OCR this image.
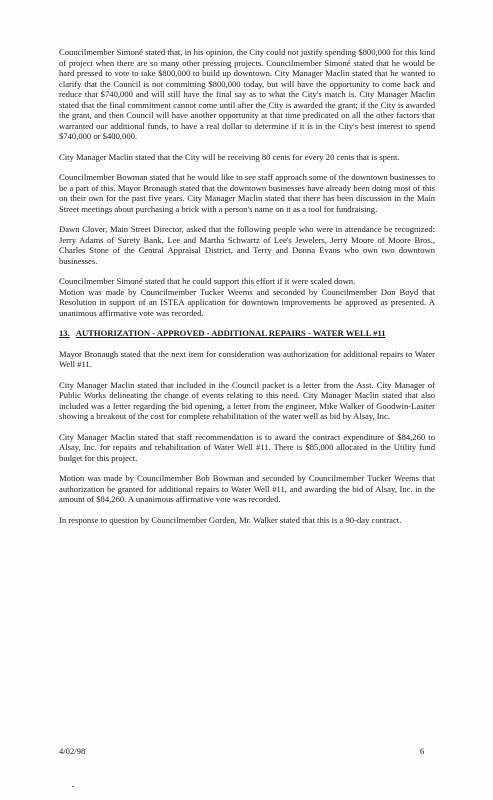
Councilmember Simoné stated that, in his opinion, the City could not justify spending $800,000 for this kind of project when there are so many other pressing projects. Councilmember Simoné stated that he would be hard pressed to vote to take $800,000 to build up downtown. City Manager Maclin stated that he wanted to clarify that the Council is not committing $800,000 today, but will have the opportunity to come back and reduce that $740,000 and will still have the final say as to what the City's match is. City Manager Maclin stated that the final commitment cannot come until after the City is awarded the grant; if the City is awarded the grant, and then Council will have another opportunity at that time predicated on all the other factors that warranted our additional funds, to have a real dollar to determine if it is in the City's best interest to spend $740,000 or $400,000.

City Manager Maclin stated that the City will be receiving 80 cents for every 20 cents that is spent.

Councilmember Bowman stated that he would like to see staff approach some of the downtown businesses to be a part of this. Mayor Bronaugh stated that the downtown businesses have already been doing most of this on their own for the past five years. City Manager Maclin stated that there has been discussion in the Main Street meetings about purchasing a brick with a person's name on it as a tool for fundraising.

Dawn Clover, Main Street Director, asked that the following people who were in attendance be recognized: Jerry Adams of Surety Bank, Lee and Martha Schwartz of Lee's Jewelers, Jerry Moore of Moore Bros., Charles Stone of the Central Appraisal District, and Terry and Donna Evans who own two downtown businesses.

Councilmember Simoné stated that he could support this effort if it were scaled down.

Motion was made by Councilmember Tucker Weems and seconded by Councilmember Don Boyd that Resolution in support of an ISTEA application for downtown improvements be approved as presented. A unanimous affirmative vote was recorded.

13. AUTHORIZATION - APPROVED - ADDITIONAL REPAIRS - WATER WELL #11

Mayor Bronaugh stated that the next item for consideration was authorization for additional repairs to Water Well #11.

City Manager Maclin stated that included in the Council packet is a letter from the Asst. City Manager of Public Works delineating the change of events relating to this need. City Manager Maclin stated that also included was a letter regarding the bid opening, a letter from the engineer, Mike Walker of Goodwin-Lasiter showing a breakout of the cost for complete rehabilitation of the water well as bid by Alsay, Inc.

City Manager Maclin stated that staff recommendation is to award the contract expenditure of $84,260 to Alsay, Inc. for repairs and rehabilitation of Water Well #11. There is $85,000 allocated in the Utility fund budget for this project.

Motion was made by Councilmember Bob Bowman and seconded by Councilmember Tucker Weems that authorization be granted for additional repairs to Water Well #11, and awarding the bid of Alsay, Inc. in the amount of $84,260. A unanimous affirmative vote was recorded.

In response to question by Councilmember Gorden, Mr. Walker stated that this is a 90-day contract.

4/02/98	6
